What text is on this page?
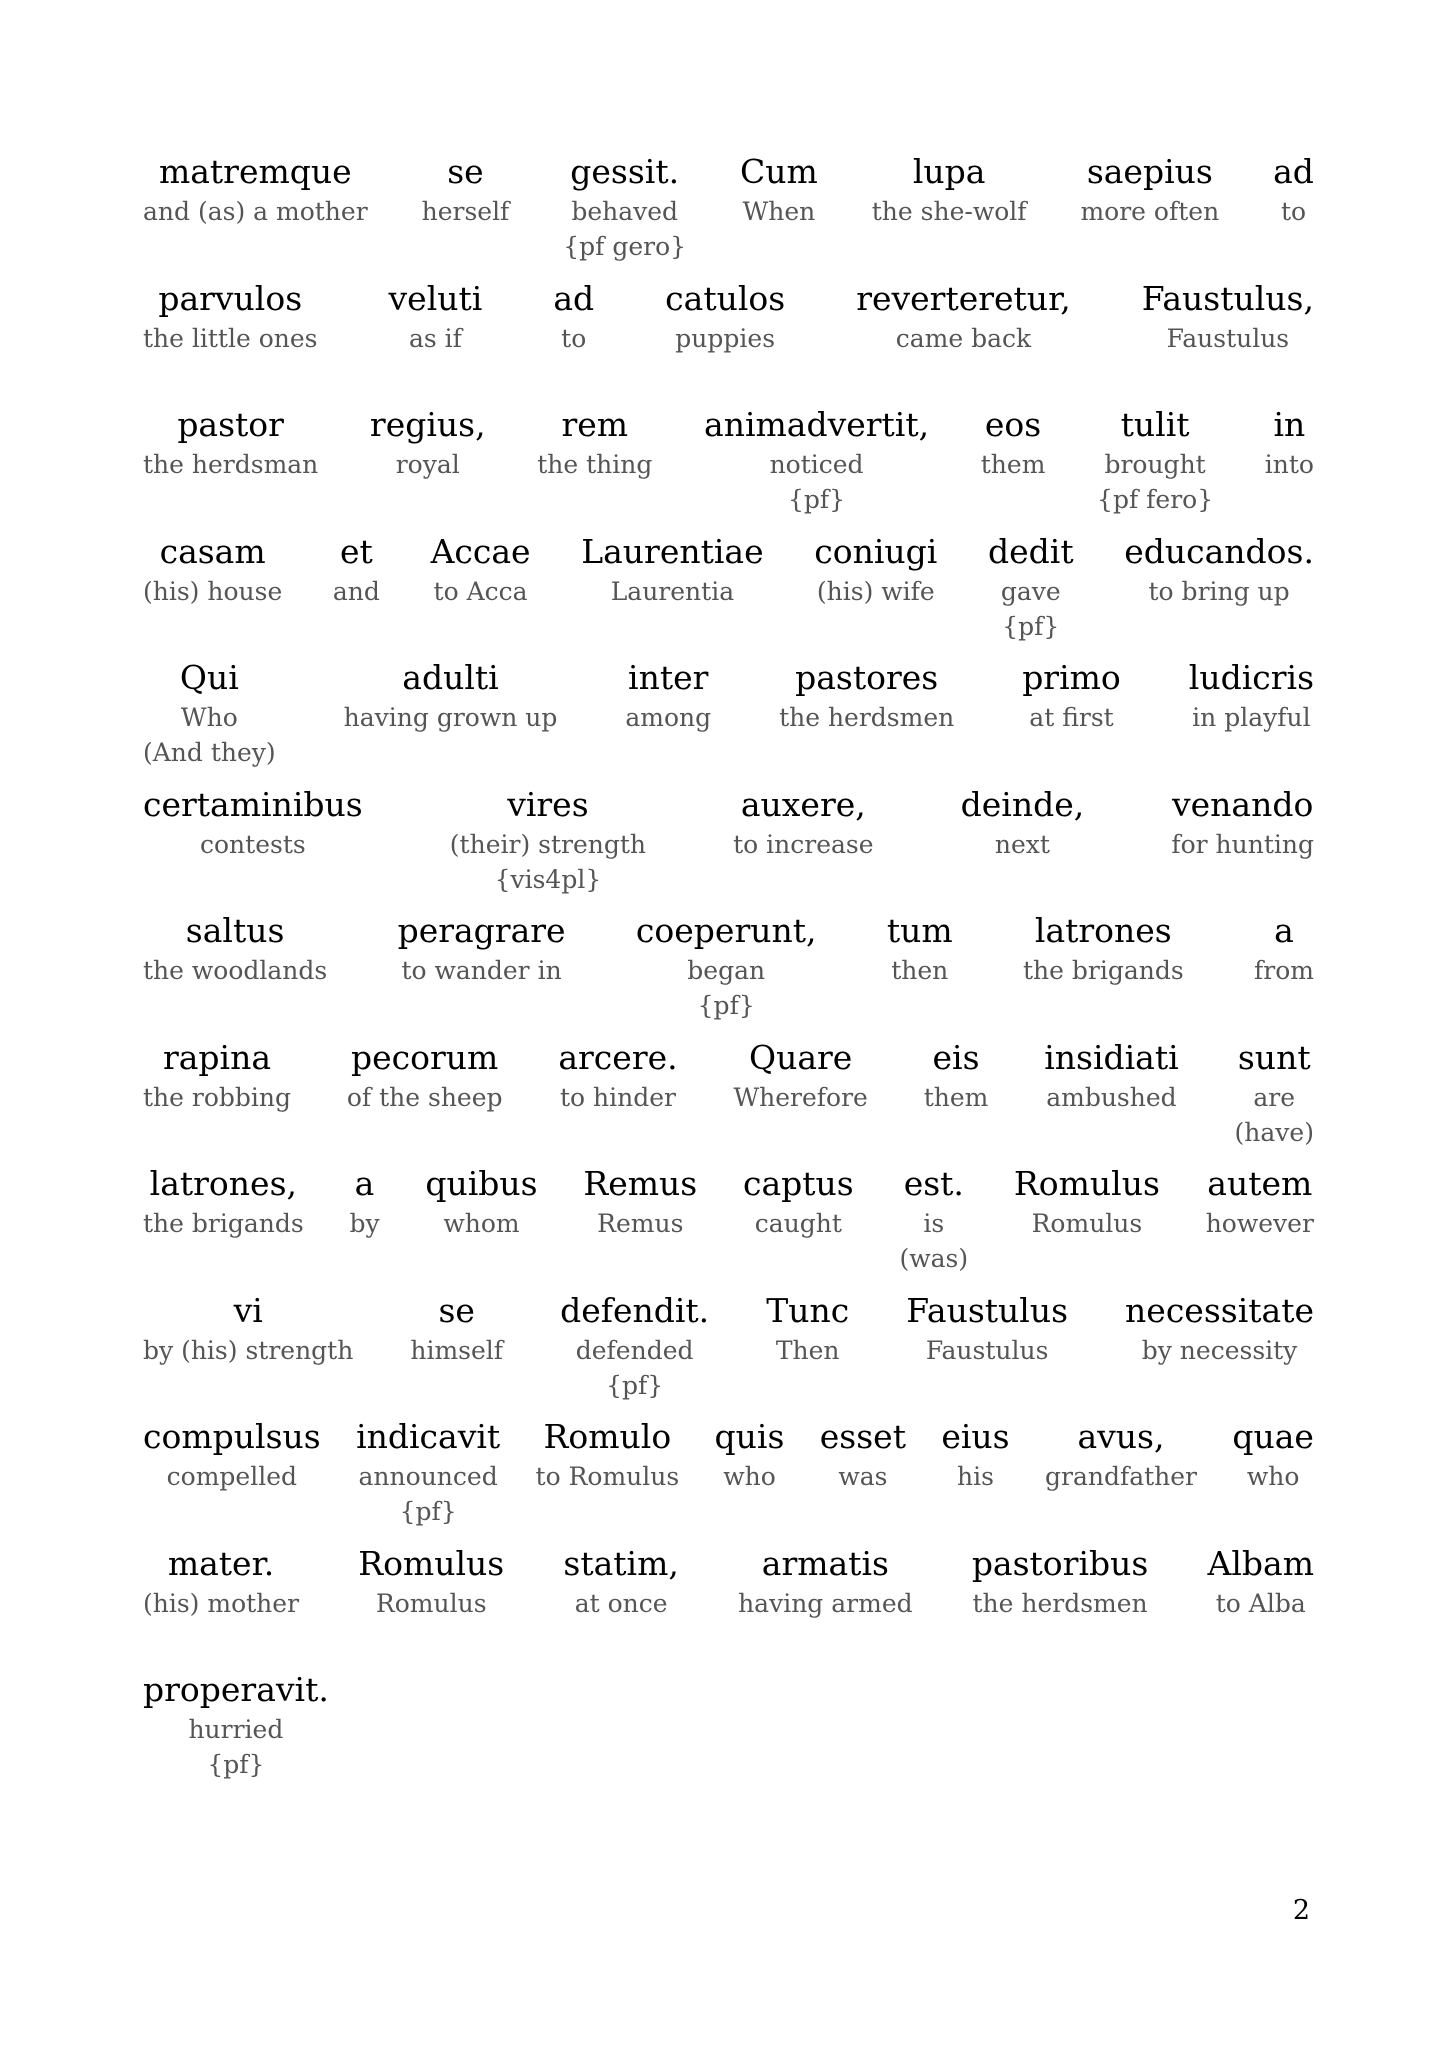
matremque
and (as) a mother
se
herself
gessit.
behaved
{pf gero}
Cum
When
lupa
the she-wolf
saepius
more often
ad
to
parvulos
the little ones
veluti
as if
ad
to
catulos
puppies
reverteretur,
came back
Faustulus,
Faustulus
pastor
the herdsman
regius,
royal
rem
the thing
animadvertit,
noticed
{pf}
eos
them
tulit
brought
{pf fero}
in
into
casam
(his) house
et
and
Accae
to Acca
Laurentiae
Laurentia
coniugi
(his) wife
dedit
gave
{pf}
educandos.
to bring up
Qui
Who
(And they)
adulti
having grown up
inter
among
pastores
the herdsmen
primo
at first
ludicris
in playful
certaminibus
contests
vires
(their) strength
{vis4pl}
auxere,
to increase
deinde,
next
venando
for hunting
saltus
the woodlands
peragrare
to wander in
coeperunt,
began
{pf}
tum
then
latrones
the brigands
a
from
rapina
the robbing
pecorum
of the sheep
arcere.
to hinder
Quare
Wherefore
eis
them
insidiati
ambushed
sunt
are
(have)
latrones,
the brigands
a
by
quibus
whom
Remus
Remus
captus
caught
est.
is
(was)
Romulus
Romulus
autem
however
vi
by (his) strength
se
himself
defendit.
defended
{pf}
Tunc
Then
Faustulus
Faustulus
necessitate
by necessity
compulsus
compelled
indicavit
announced
{pf}
Romulo
to Romulus
quis
who
esset
was
eius
his
avus,
grandfather
quae
who
mater.
(his) mother
Romulus
Romulus
statim,
at once
armatis
having armed
pastoribus
the herdsmen
Albam
to Alba
properavit.
hurried
{pf}
2
